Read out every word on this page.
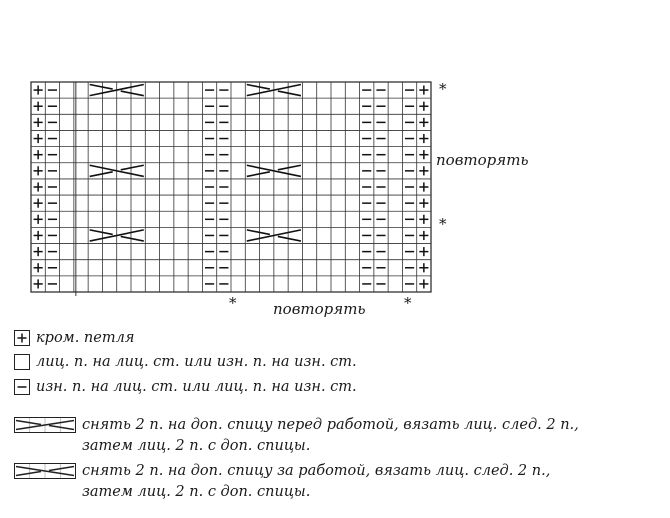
*
повторять
*
* повторять	*
кром. петля
лиц. п. на лиц. ст. или изн. п. на изн. ст.
изн. п. на лиц. ст. или лиц. п. на изн. ст.
снять 2 п. на доп. спицу перед работой, вязать лиц. след. 2 п.,
затем лиц. 2 п. с доп. спицы.
снять 2 п. на доп. спицу за работой, вязать лиц. след. 2 п.,
затем лиц. 2 п. с доп. спицы.
